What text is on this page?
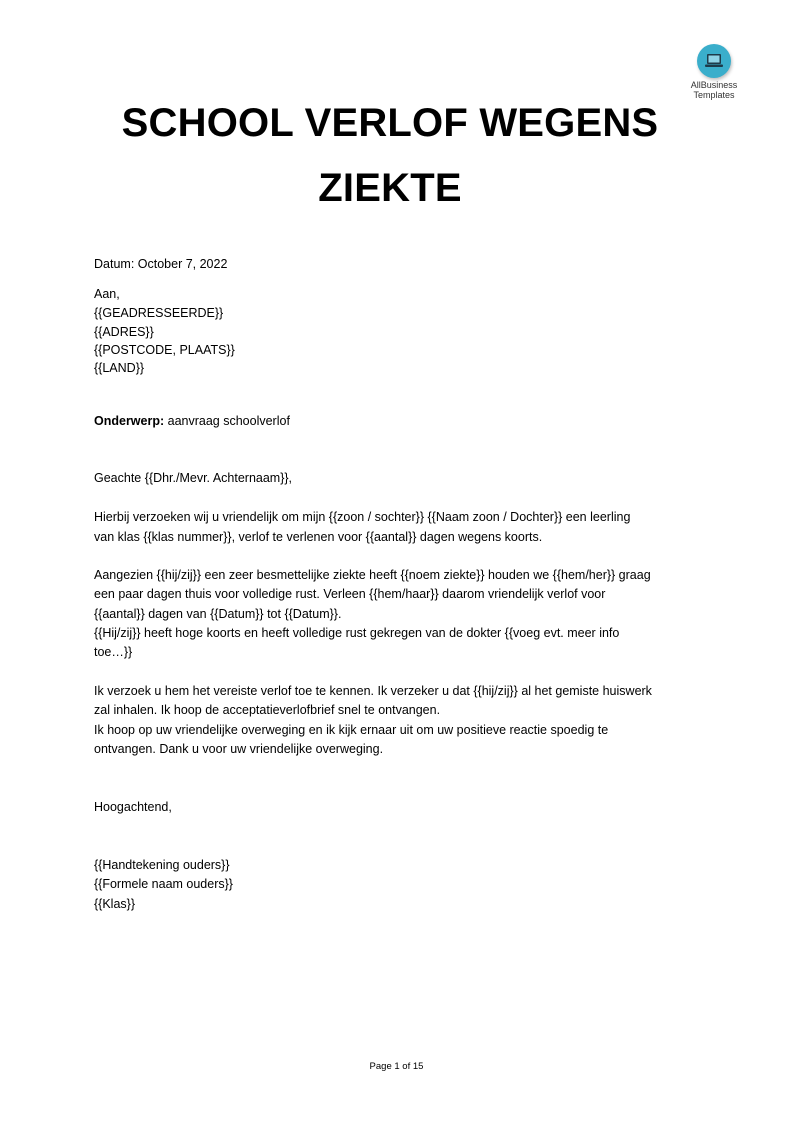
AllBusiness
Templates
SCHOOL VERLOF WEGENS
ZIEKTE
Datum: October 7, 2022
Aan,
{{GEADRESSEERDE}}
{{ADRES}}
{{POSTCODE, PLAATS}}
{{LAND}}
Onderwerp: aanvraag schoolverlof
Geachte {{Dhr./Mevr. Achternaam}},
Hierbij verzoeken wij u vriendelijk om mijn {{zoon / sochter}} {{Naam zoon / Dochter}} een leerling
van klas {{klas nummer}}, verlof te verlenen voor {{aantal}} dagen wegens koorts.
Aangezien {{hij/zij}} een zeer besmettelijke ziekte heeft {{noem ziekte}} houden we {{hem/her}} graag
een paar dagen thuis voor volledige rust. Verleen {{hem/haar}} daarom vriendelijk verlof voor
{{aantal}} dagen van {{Datum}} tot {{Datum}}.
{{Hij/zij}} heeft hoge koorts en heeft volledige rust gekregen van de dokter {{voeg evt. meer info
toe…}}
Ik verzoek u hem het vereiste verlof toe te kennen. Ik verzeker u dat {{hij/zij}} al het gemiste huiswerk
zal inhalen. Ik hoop de acceptatieverlofbrief snel te ontvangen.
Ik hoop op uw vriendelijke overweging en ik kijk ernaar uit om uw positieve reactie spoedig te
ontvangen. Dank u voor uw vriendelijke overweging.
Hoogachtend,
{{Handtekening ouders}}
{{Formele naam ouders}}
{{Klas}}
Page 1 of 15
